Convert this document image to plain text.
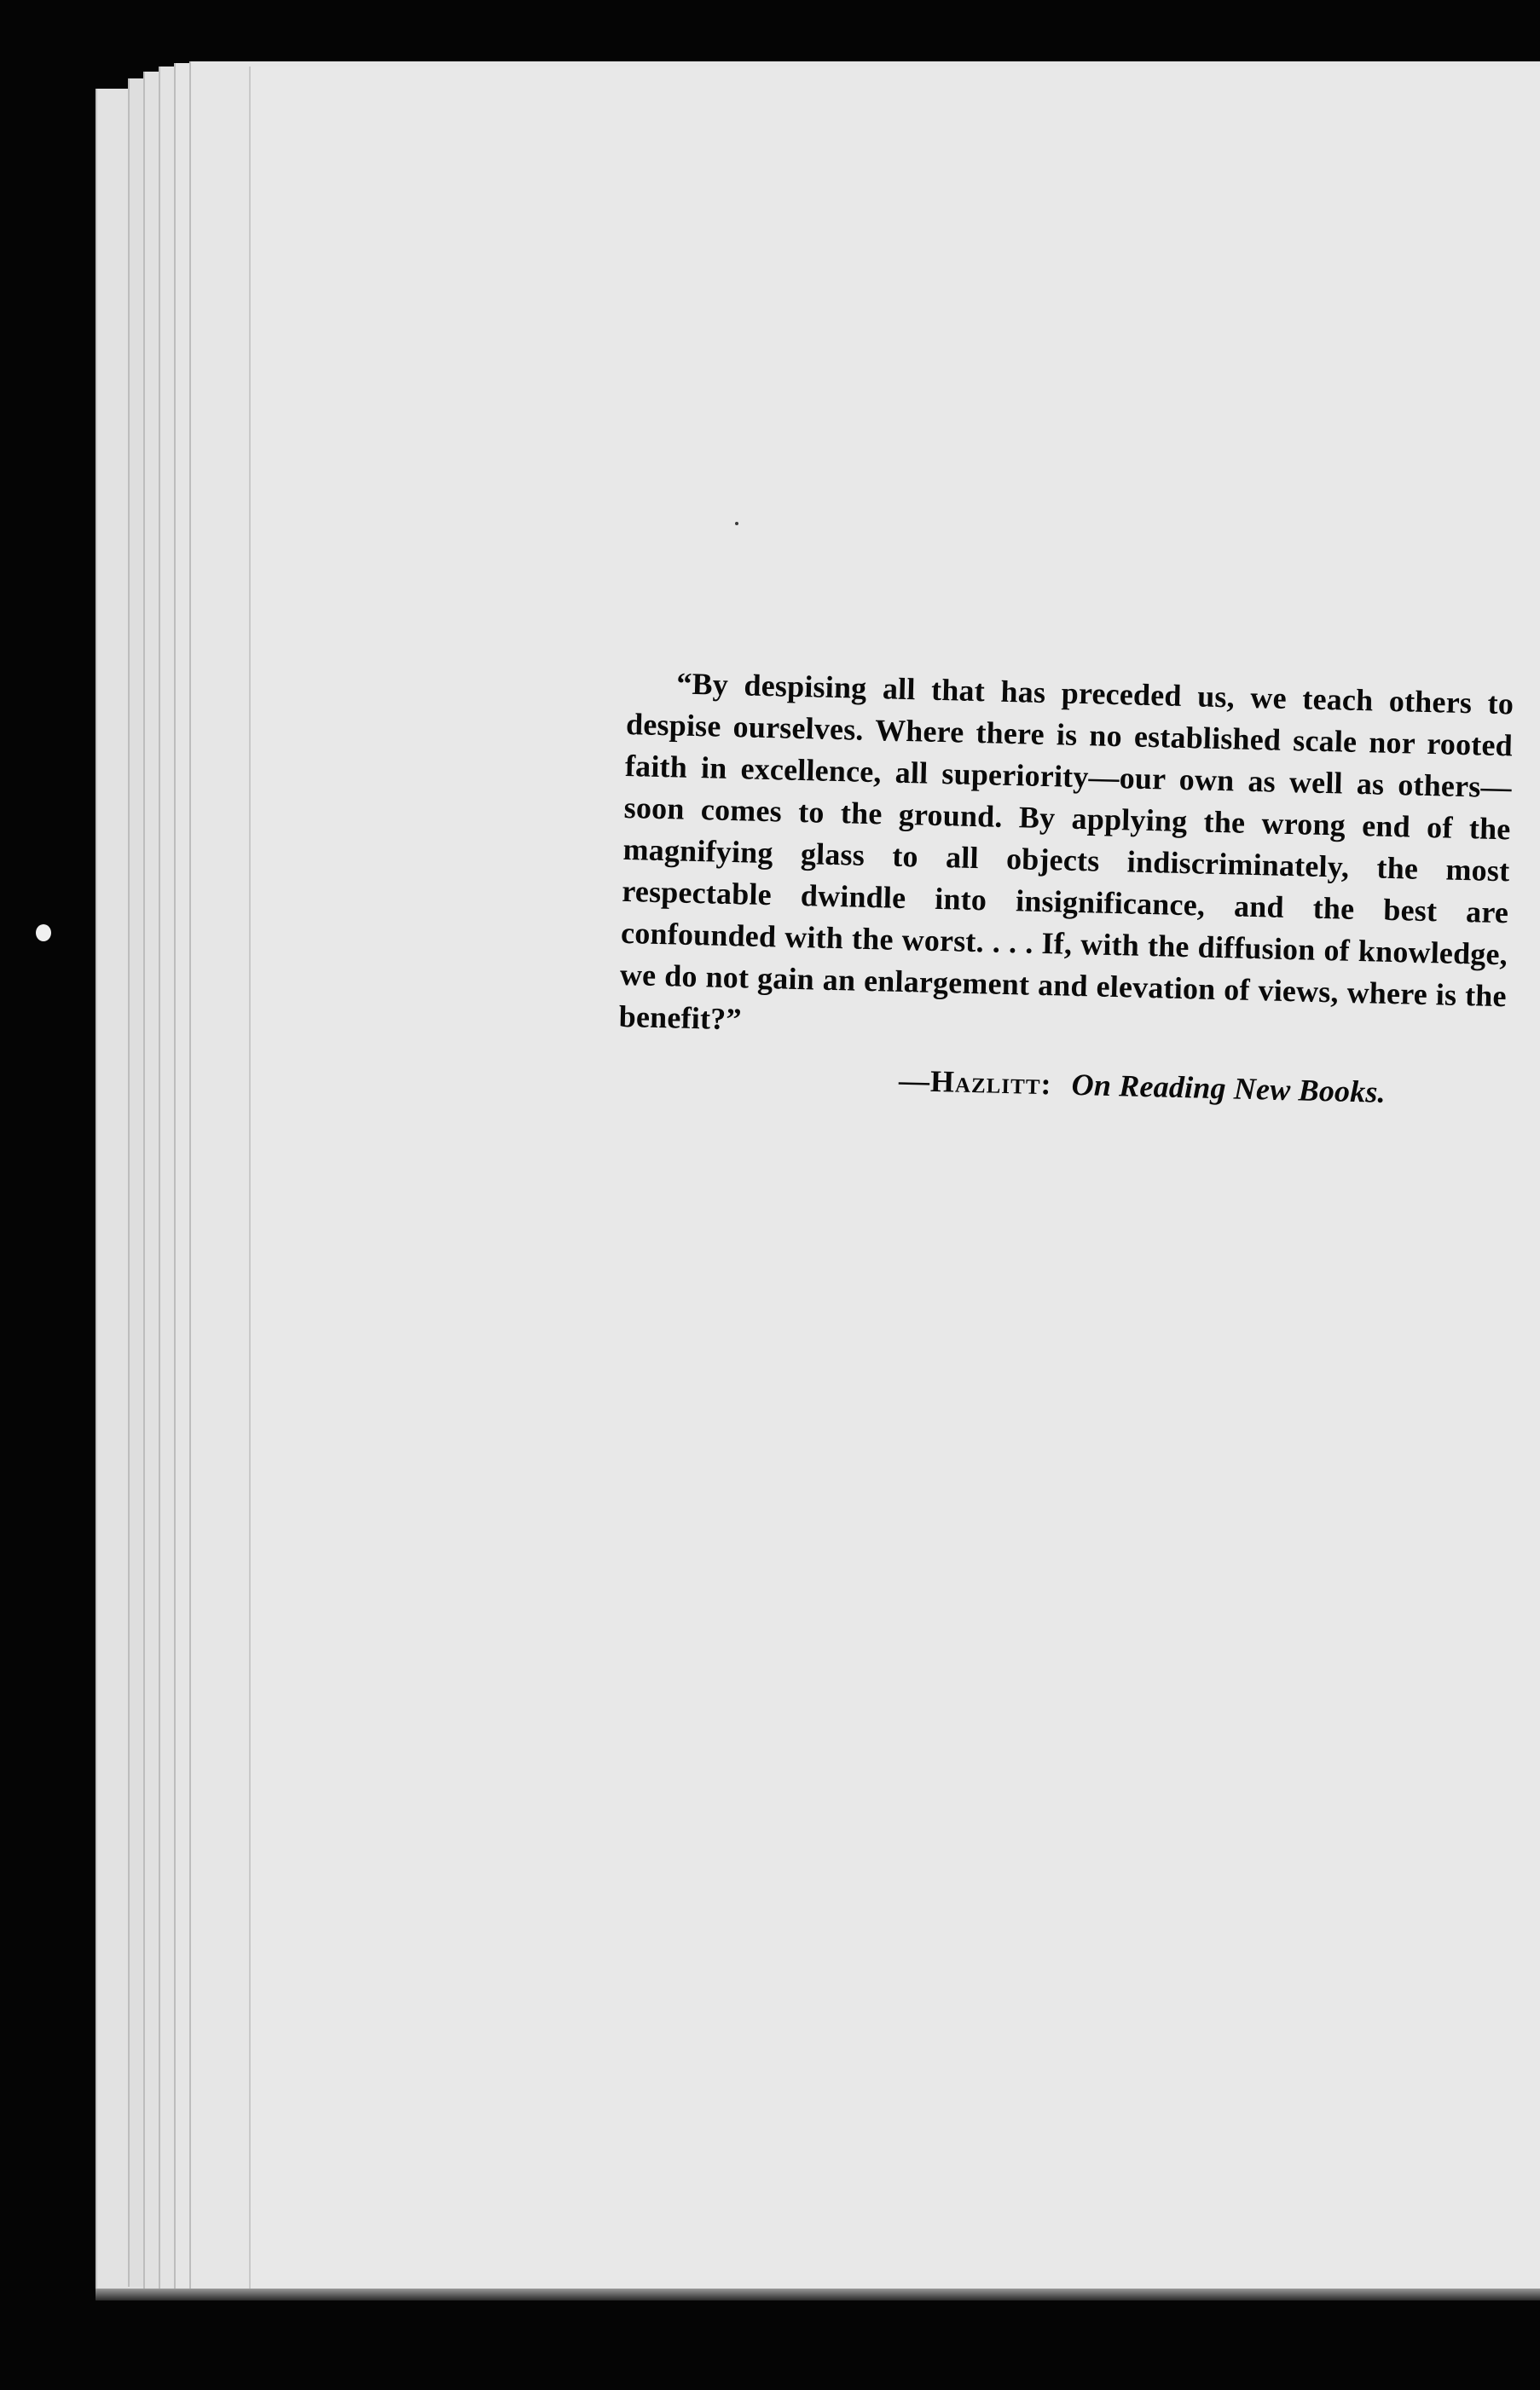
“By despising all that has preceded us, we teach others to despise ourselves. Where there is no established scale nor rooted faith in excellence, all superiority—our own as well as others—soon comes to the ground. By applying the wrong end of the magnifying glass to all objects indiscriminately, the most respectable dwindle into insignificance, and the best are confounded with the worst. . . . If, with the diffusion of knowledge, we do not gain an enlargement and elevation of views, where is the benefit?”

—Hazlitt: On Reading New Books.
